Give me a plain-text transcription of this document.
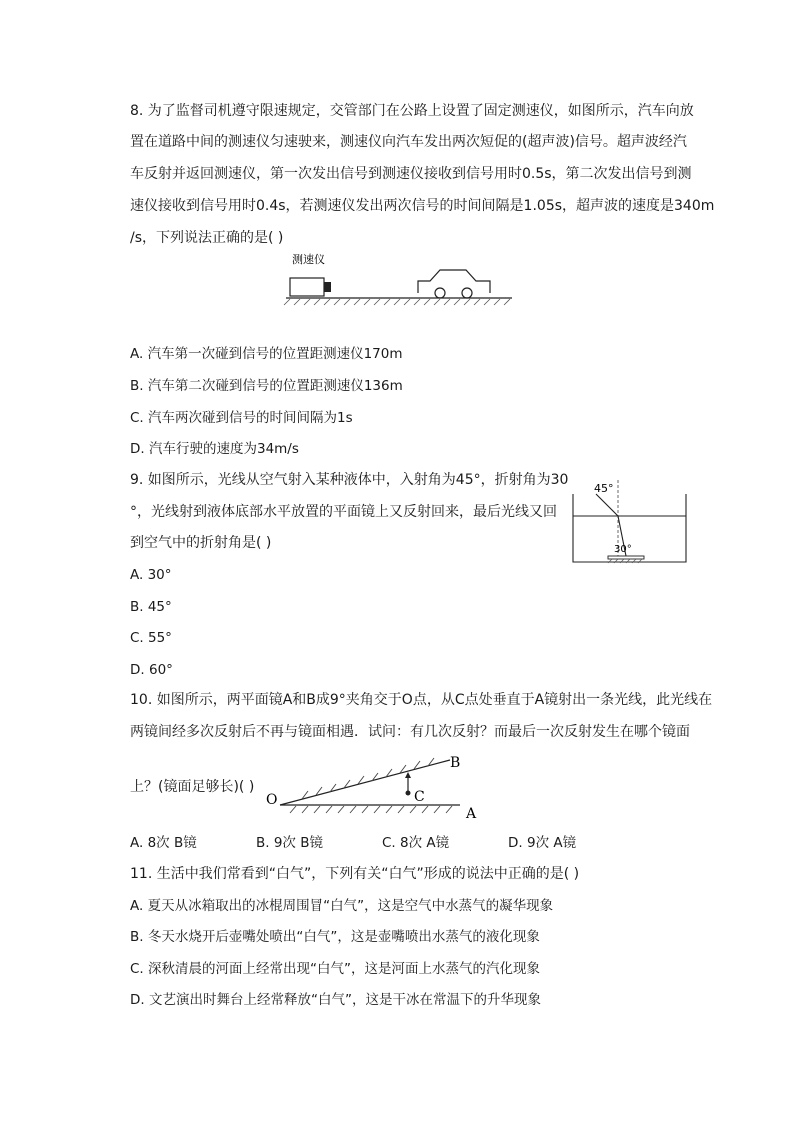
8. 为了监督司机遵守限速规定，交管部门在公路上设置了固定测速仪，如图所示，汽车向放
置在道路中间的测速仪匀速驶来，测速仪向汽车发出两次短促的(超声波)信号。超声波经汽
车反射并返回测速仪，第一次发出信号到测速仪接收到信号用时0.5s，第二次发出信号到测
速仪接收到信号用时0.4s，若测速仪发出两次信号的时间间隔是1.05s，超声波的速度是340m
/s，下列说法正确的是( )
测速仪
A. 汽车第一次碰到信号的位置距测速仪170m
B. 汽车第二次碰到信号的位置距测速仪136m
C. 汽车两次碰到信号的时间间隔为1s
D. 汽车行驶的速度为34m/s
9. 如图所示，光线从空气射入某种液体中，入射角为45°，折射角为30
°，光线射到液体底部水平放置的平面镜上又反射回来，最后光线又回
到空气中的折射角是( )
45°
30°
A. 30°
B. 45°
C. 55°
D. 60°
10. 如图所示，两平面镜A和B成9°夹角交于O点，从C点处垂直于A镜射出一条光线，此光线在
两镜间经多次反射后不再与镜面相遇．试问：有几次反射？而最后一次反射发生在哪个镜面
上？(镜面足够长)( )
O
A
B
C
A. 8次 B镜	B. 9次 B镜	C. 8次 A镜	D. 9次 A镜
11. 生活中我们常看到“白气”，下列有关“白气”形成的说法中正确的是( )
A. 夏天从冰箱取出的冰棍周围冒“白气”，这是空气中水蒸气的凝华现象
B. 冬天水烧开后壶嘴处喷出“白气”，这是壶嘴喷出水蒸气的液化现象
C. 深秋清晨的河面上经常出现“白气”，这是河面上水蒸气的汽化现象
D. 文艺演出时舞台上经常释放“白气”，这是干冰在常温下的升华现象
